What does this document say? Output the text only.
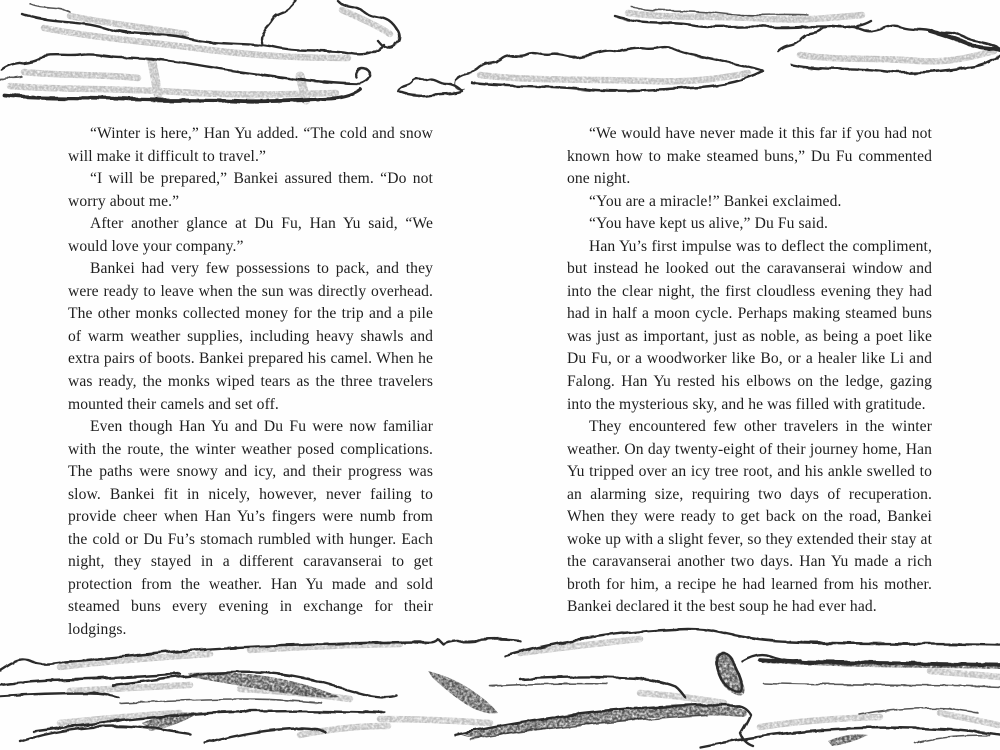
“Winter is here,” Han Yu added. “The cold and snow will make it difficult to travel.”

“I will be prepared,” Bankei assured them. “Do not worry about me.”

After another glance at Du Fu, Han Yu said, “We would love your company.”

Bankei had very few possessions to pack, and they were ready to leave when the sun was directly overhead. The other monks collected money for the trip and a pile of warm weather supplies, including heavy shawls and extra pairs of boots. Bankei prepared his camel. When he was ready, the monks wiped tears as the three travelers mounted their camels and set off.

Even though Han Yu and Du Fu were now familiar with the route, the winter weather posed complications. The paths were snowy and icy, and their progress was slow. Bankei fit in nicely, however, never failing to provide cheer when Han Yu’s fingers were numb from the cold or Du Fu’s stomach rumbled with hunger. Each night, they stayed in a different caravanserai to get protection from the weather. Han Yu made and sold steamed buns every evening in exchange for their lodgings.

“We would have never made it this far if you had not known how to make steamed buns,” Du Fu commented one night.

“You are a miracle!” Bankei exclaimed.

“You have kept us alive,” Du Fu said.

Han Yu’s first impulse was to deflect the compliment, but instead he looked out the caravanserai window and into the clear night, the first cloudless evening they had had in half a moon cycle. Perhaps making steamed buns was just as important, just as noble, as being a poet like Du Fu, or a woodworker like Bo, or a healer like Li and Falong. Han Yu rested his elbows on the ledge, gazing into the mysterious sky, and he was filled with gratitude.

They encountered few other travelers in the winter weather. On day twenty-eight of their journey home, Han Yu tripped over an icy tree root, and his ankle swelled to an alarming size, requiring two days of recuperation. When they were ready to get back on the road, Bankei woke up with a slight fever, so they extended their stay at the caravanserai another two days. Han Yu made a rich broth for him, a recipe he had learned from his mother. Bankei declared it the best soup he had ever had.
